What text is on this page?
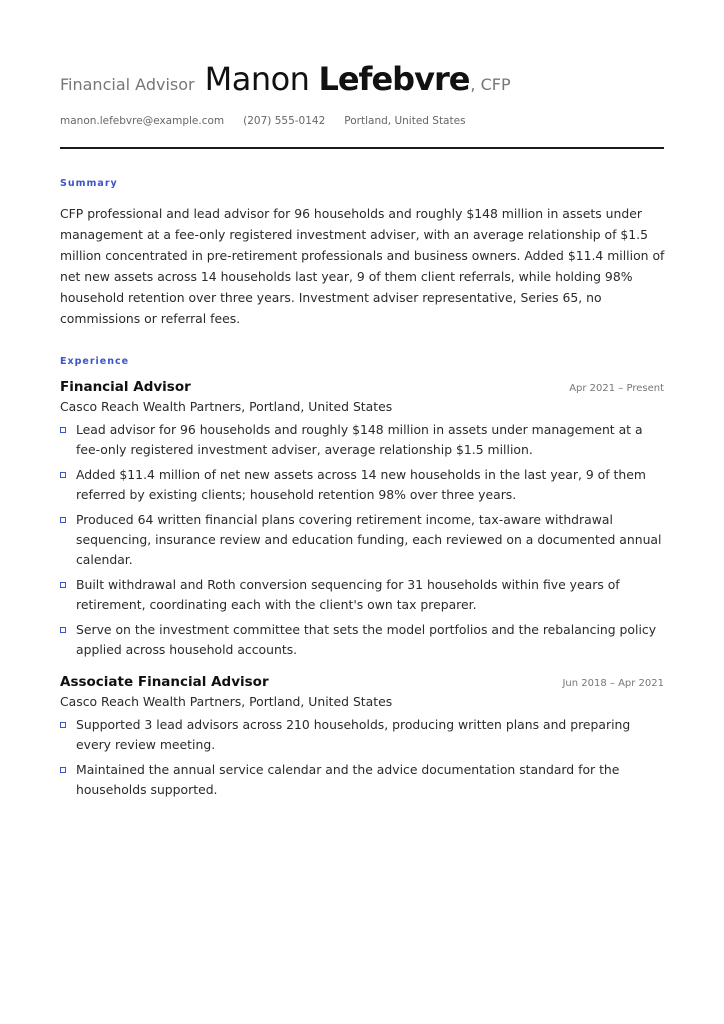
Financial Advisor Manon Lefebvre , CFP
manon.lefebvre@example.com (207) 555-0142 Portland, United States
Summary
CFP professional and lead advisor for 96 households and roughly $148 million in assets under management at a fee-only registered investment adviser, with an average relationship of $1.5 million concentrated in pre-retirement professionals and business owners. Added $11.4 million of net new assets across 14 households last year, 9 of them client referrals, while holding 98% household retention over three years. Investment adviser representative, Series 65, no commissions or referral fees.
Experience
Financial Advisor	Apr 2021 – Present
Casco Reach Wealth Partners, Portland, United States
Lead advisor for 96 households and roughly $148 million in assets under management at a fee-only registered investment adviser, average relationship $1.5 million.
Added $11.4 million of net new assets across 14 new households in the last year, 9 of them referred by existing clients; household retention 98% over three years.
Produced 64 written financial plans covering retirement income, tax-aware withdrawal sequencing, insurance review and education funding, each reviewed on a documented annual calendar.
Built withdrawal and Roth conversion sequencing for 31 households within five years of retirement, coordinating each with the client's own tax preparer.
Serve on the investment committee that sets the model portfolios and the rebalancing policy applied across household accounts.
Associate Financial Advisor	Jun 2018 – Apr 2021
Casco Reach Wealth Partners, Portland, United States
Supported 3 lead advisors across 210 households, producing written plans and preparing every review meeting.
Maintained the annual service calendar and the advice documentation standard for the households supported.
